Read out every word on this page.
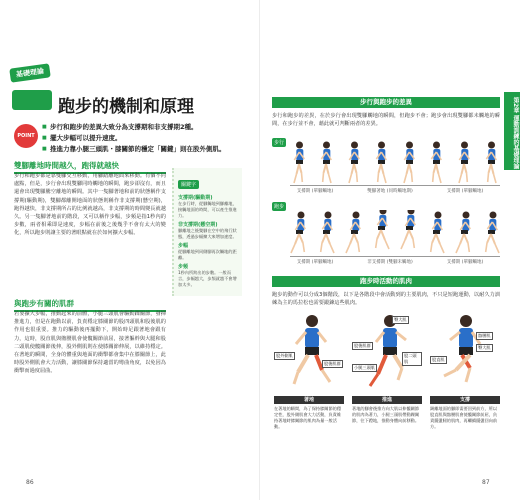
基礎理論
跑步的機制和原理
POINT
■ 步行和跑步的差異大致分為支撐期和非支撐期2種。
■ 擺大步幅可以提升速度。
■ 推進力靠小腿三頭肌・膝關節的穩定「關鍵」則在股外側肌。
雙腳離地時間越久，跑得就越快
步行和跑步都是靠雙腳交互移動，用腳踏離地面來移動。有個不同處點，但是，步行會出現雙腳同時觸地的瞬間，跑步卻沒有，而且還會出現雙腳騰空離地的瞬間。其中一隻腳著地和前的狀態稱作支撐期(驅動期)，雙腳都離開地面的狀態則稱作非支撐期(懸空期)，跑得越快，非支撐期所占的比例就越高，非支撐期的時間變長就越久。另一隻腳著地前的階段，又可以稱作步幅，步頻是指1秒內的步數，兩者相乘即是速度，步幅在前後之後幾乎不會有太大的變化，所以跑步則讓主要的著眼點就在於如何擴大步幅。
關鍵字
支撐期(驅動期)
在步行時，從腳觸地到腳離地，接觸地面的時間，可以產生推進力。
非支撐期(懸空期)
腳離地之後雙腳在空中的飛行狀態，透過步幅擴大來增加速度。
步幅
從腳離地到同側腳再次觸地的距離。
步頻
1秒內所跨出的步數。一般而言，步幅越大，步頻就越不會增加太多。
與跑步有關的肌群
若要擴大步幅，推動起來的前體，小腿三頭肌會驅動踝關節，發揮推進力，但是在跑動以前，負責穩定膝關節的股四頭肌和股後肌的作用也很重要。推力的驅動後再擺動下，開始時足跟著地會跟有力，這時，股直肌與髂腰肌會使髖關節前屈，接著軀幹與大腿和股二頭肌使髖關節後伸，股外側肌則在使膝關節伸展，以維持穩定。在著地的瞬間，全身的體重與地面的衝擊都會集中在膝關節上，此時股外側肌會大力活動，讓膝關節保持適當的彎曲角度，以免因為衝擊而過度屈曲。
86
第2章 運動訓練的基礎理論
步行與跑步的差異
步行和跑步的差異，在於步行會出現雙腳觸地的瞬間，但跑步不會；跑步會出現雙腳都未觸地的瞬間，在步行並不會，藉此就可判斷兩者的差異。
步行
支撐期 (單腳觸地)	雙腳著地 (同時觸地期)	支撐期 (單腳觸地)
跑步
支撐期 (單腳觸地)	非支撐期 (雙腳未觸地)	支撐期 (單腳觸地)
跑步時活動的肌肉
跑步的動作可以分成3個階段，以下是各階段中會活動到的主要肌肉，不只是短跑運動，以耐久力訓練為主的馬拉松也需要鍛鍊這些肌肉。
股外側肌
股後肌群
著地
在著地的瞬間，為了保持膝關節的穩定性，股外側肌會大力活動，負責維持著地時膝關節的肌肉為量一般活動。
臀大肌
股後肌群
股二頭肌
小腿三頭肌
推進
著地的腳會後推方向大肌以伸髖關節的肌肉為著力，小腿三頭肌帶動踝關節，往下蹬地，推動身體向前移動。
髂腰肌
臀大肌
股直肌
支撐
踢離地面的腳即需要回到前方，所以股直肌與髂腰肌會使髖關節前屈，負責擺盪腿的肌肉，再繼續擺盪回向前方。
87
